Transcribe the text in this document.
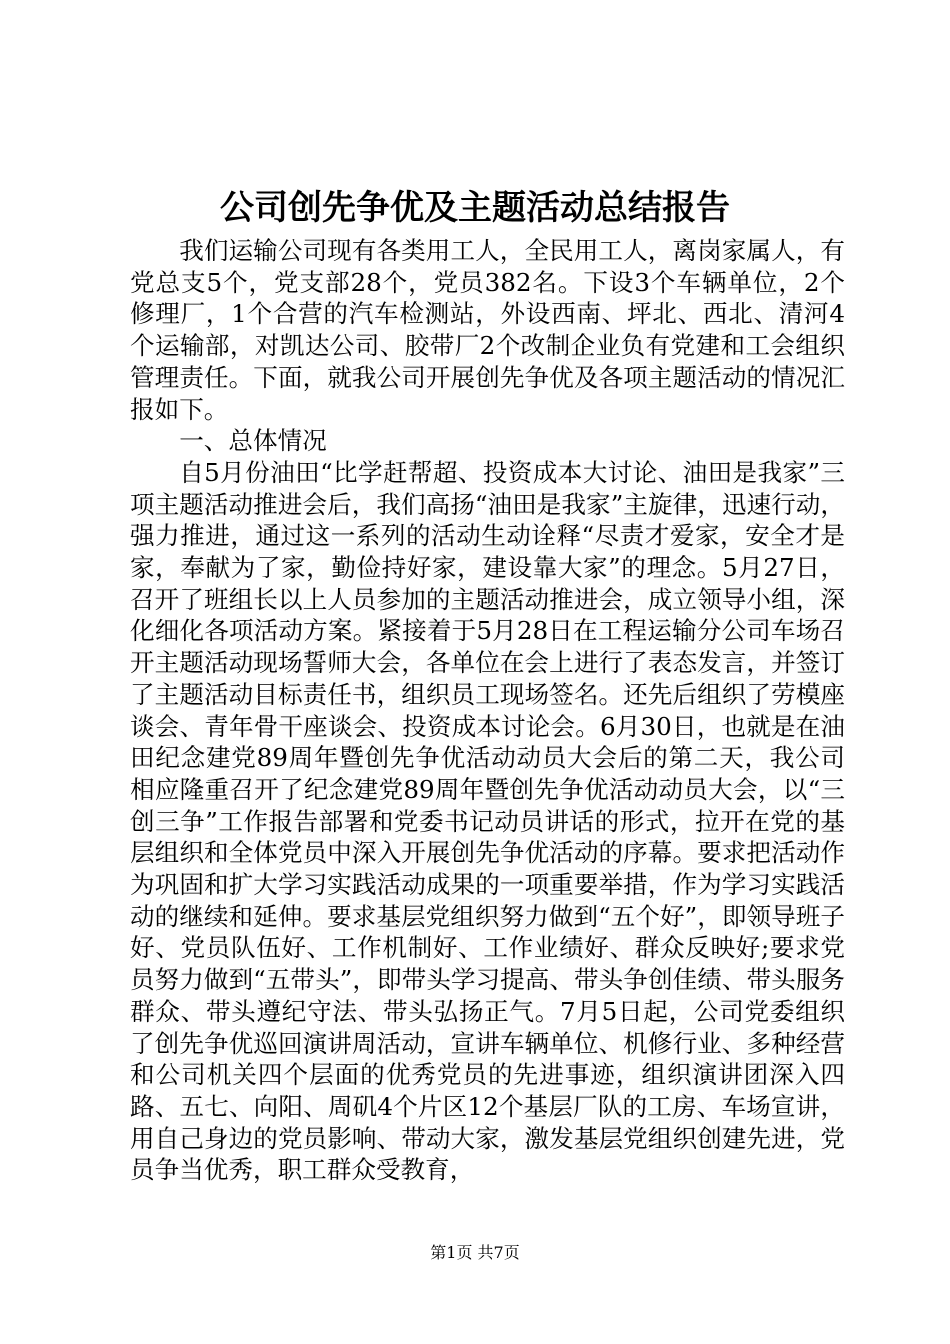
公司创先争优及主题活动总结报告

我们运输公司现有各类用工人，全民用工人，离岗家属人，有党总支5个，党支部28个，党员382名。下设3个车辆单位，2个修理厂，1个合营的汽车检测站，外设西南、坪北、西北、清河4个运输部，对凯达公司、胶带厂2个改制企业负有党建和工会组织管理责任。下面，就我公司开展创先争优及各项主题活动的情况汇报如下。

一、总体情况

自5月份油田“比学赶帮超、投资成本大讨论、油田是我家”三项主题活动推进会后，我们高扬“油田是我家”主旋律，迅速行动，强力推进，通过这一系列的活动生动诠释“尽责才爱家，安全才是家，奉献为了家，勤俭持好家，建设靠大家”的理念。5月27日，召开了班组长以上人员参加的主题活动推进会，成立领导小组，深化细化各项活动方案。紧接着于5月28日在工程运输分公司车场召开主题活动现场誓师大会，各单位在会上进行了表态发言，并签订了主题活动目标责任书，组织员工现场签名。还先后组织了劳模座谈会、青年骨干座谈会、投资成本讨论会。6月30日，也就是在油田纪念建党89周年暨创先争优活动动员大会后的第二天，我公司相应隆重召开了纪念建党89周年暨创先争优活动动员大会，以“三创三争”工作报告部署和党委书记动员讲话的形式，拉开在党的基层组织和全体党员中深入开展创先争优活动的序幕。要求把活动作为巩固和扩大学习实践活动成果的一项重要举措，作为学习实践活动的继续和延伸。要求基层党组织努力做到“五个好”，即领导班子好、党员队伍好、工作机制好、工作业绩好、群众反映好;要求党员努力做到“五带头”，即带头学习提高、带头争创佳绩、带头服务群众、带头遵纪守法、带头弘扬正气。7月5日起，公司党委组织了创先争优巡回演讲周活动，宣讲车辆单位、机修行业、多种经营和公司机关四个层面的优秀党员的先进事迹，组织演讲团深入四路、五七、向阳、周矶4个片区12个基层厂队的工房、车场宣讲，用自己身边的党员影响、带动大家，激发基层党组织创建先进，党员争当优秀，职工群众受教育，

第1页 共7页
